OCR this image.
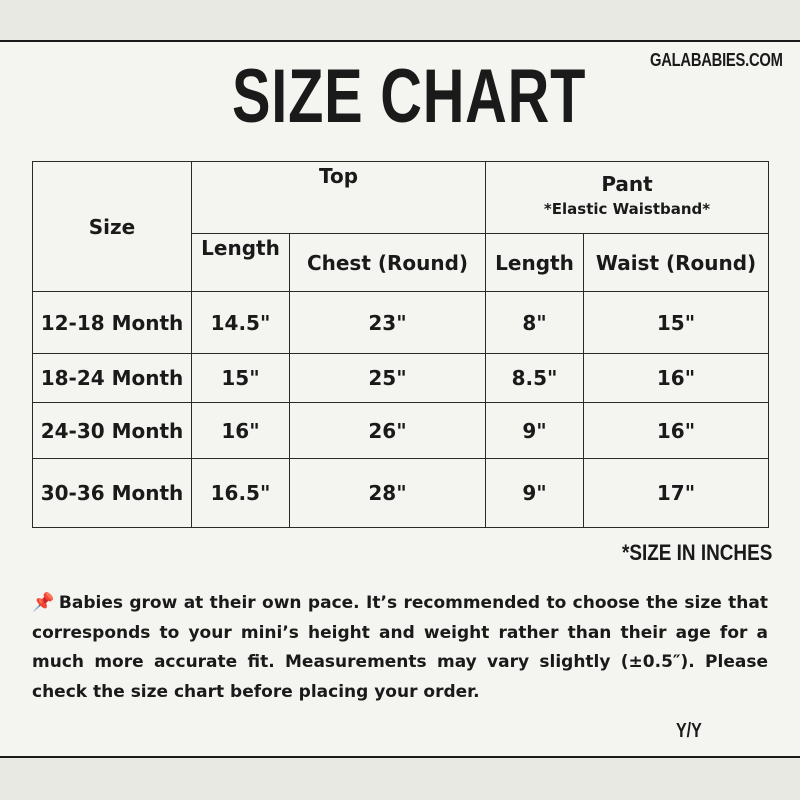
GALABABIES.COM
SIZE CHART
Size	Top		Pant
*Elastic Waistband*	

	Length	Chest (Round)	Length	Waist (Round)
12-18 Month	14.5"	23"	8"	15"
18-24 Month	15"	25"	8.5"	16"
24-30 Month	16"	26"	9"	16"
30-36 Month	16.5"	28"	9"	17"
*SIZE IN INCHES
📌 Babies grow at their own pace. It’s recommended to choose the size that corresponds to your mini’s height and weight rather than their age for a much more accurate fit. Measurements may vary slightly (±0.5″). Please check the size chart before placing your order.
Y/Y
